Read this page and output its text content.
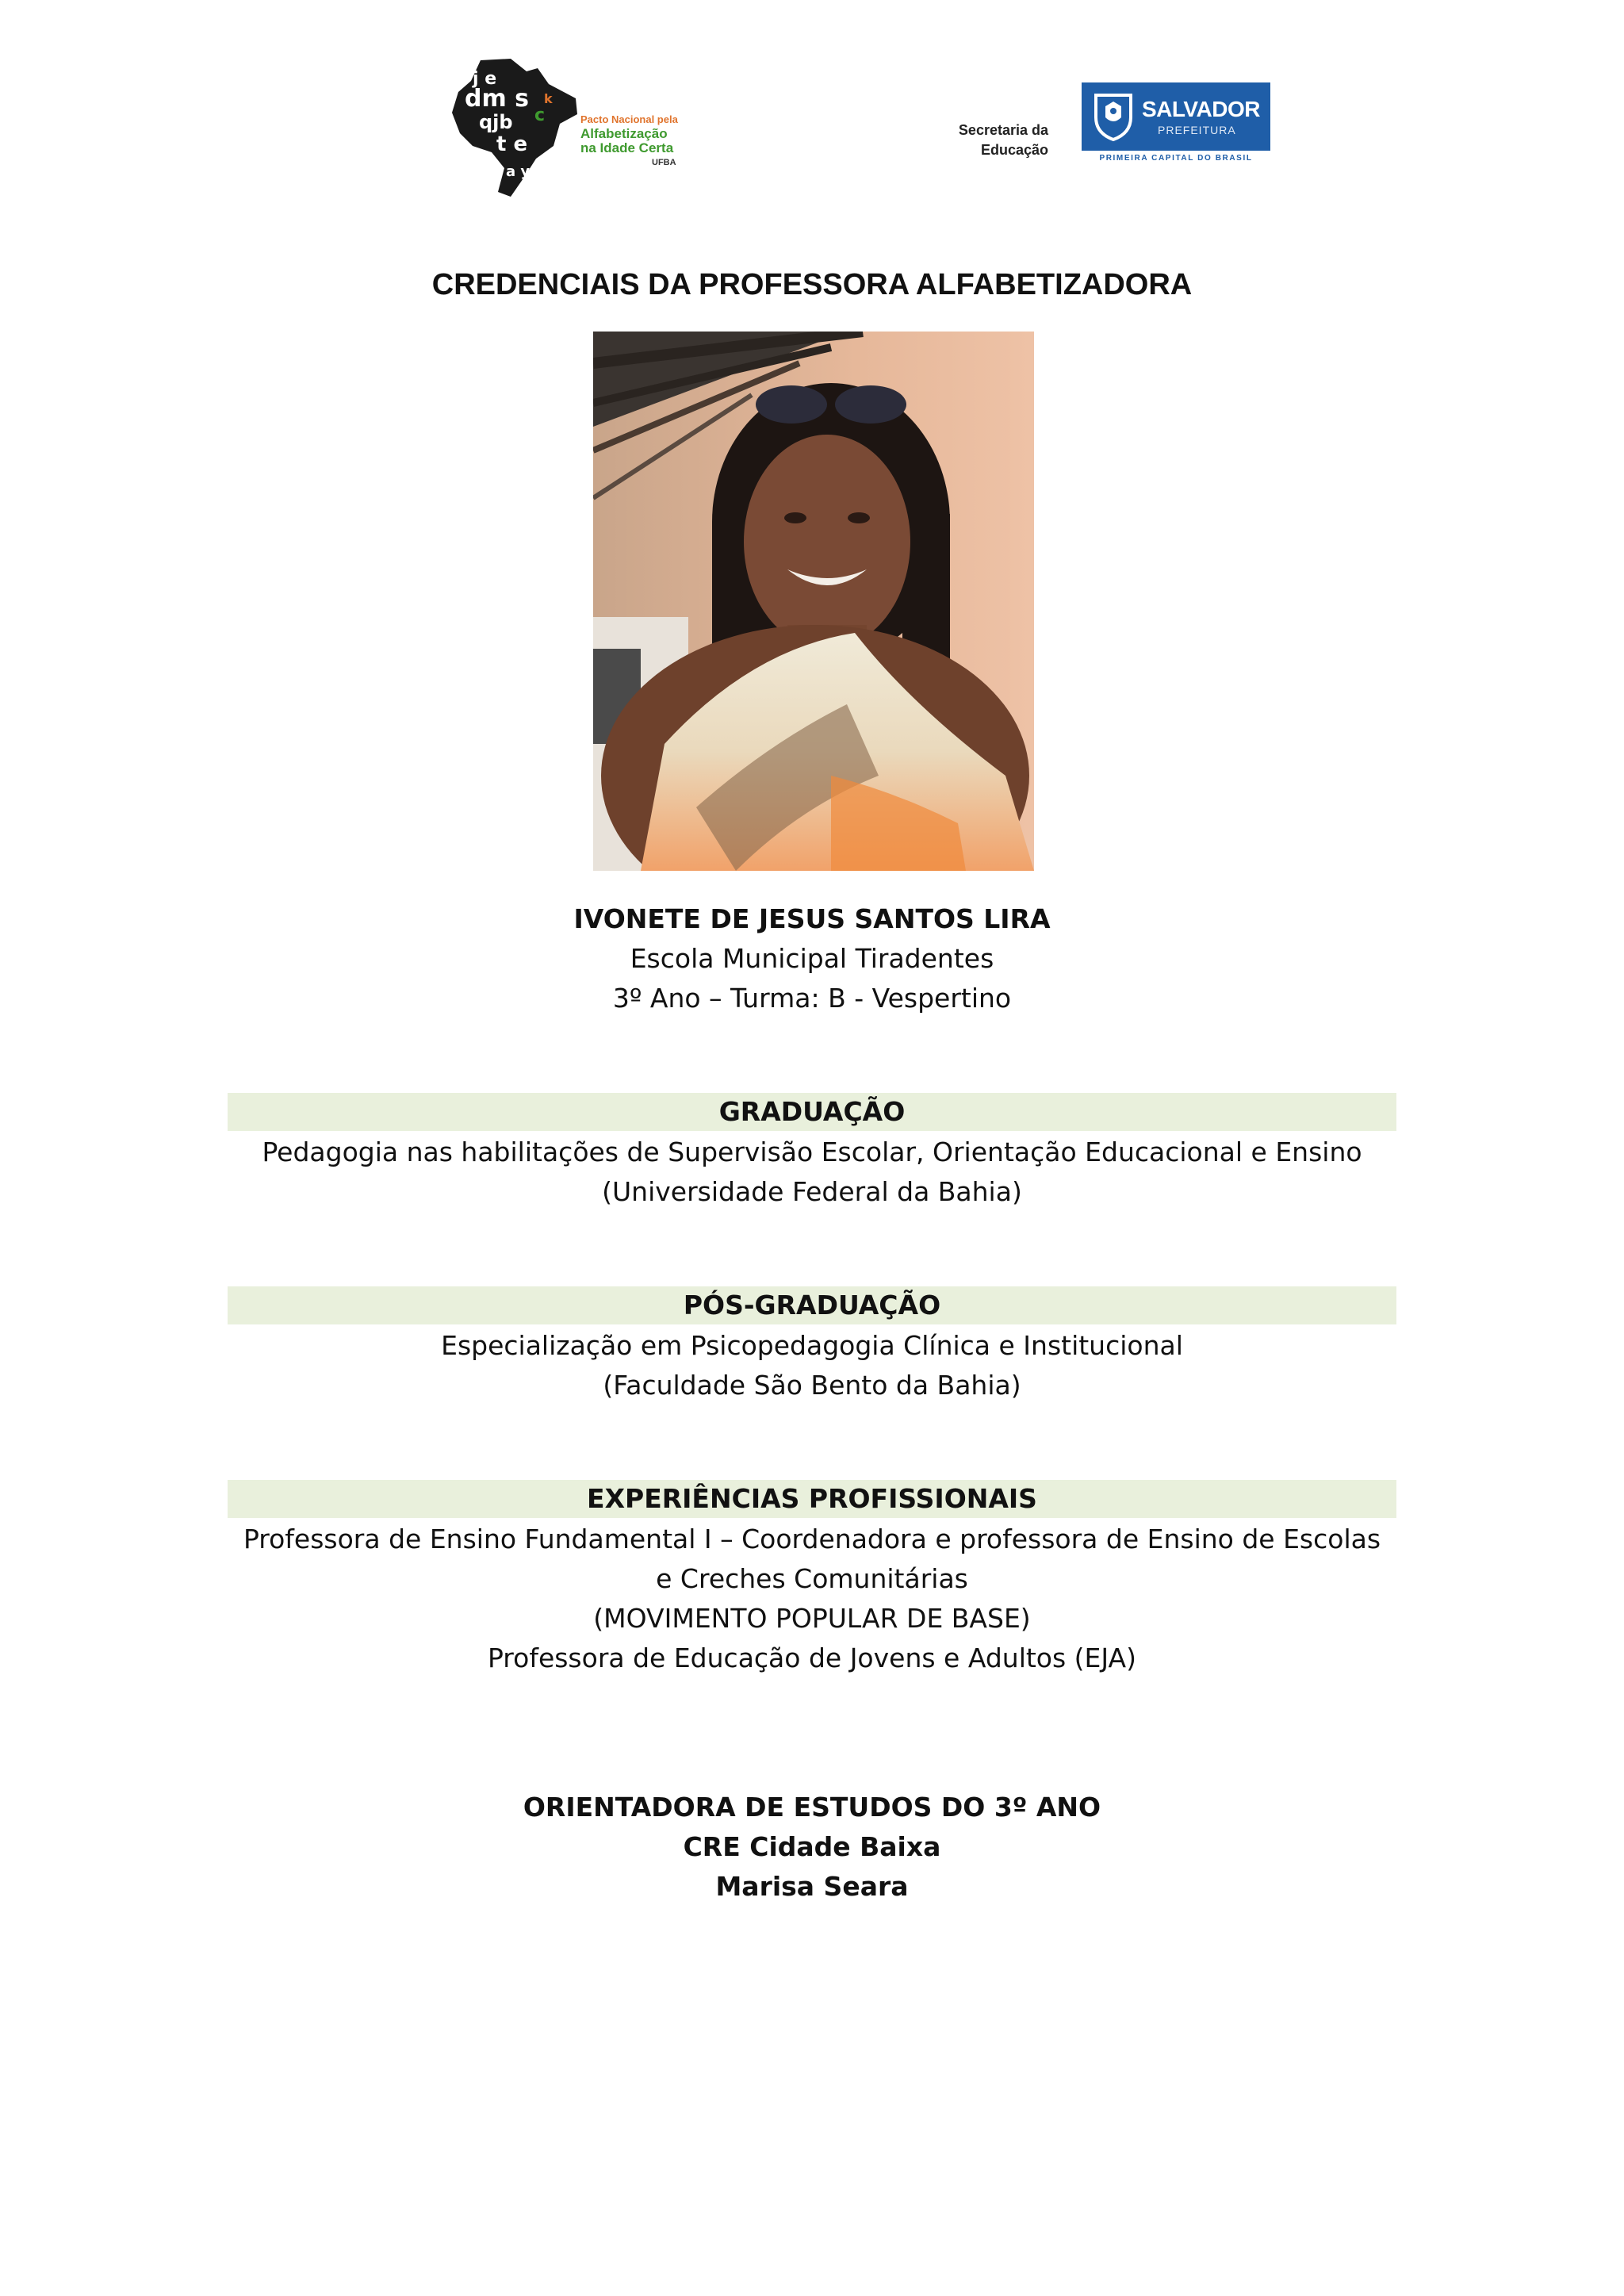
j e
dm s
qjb
t e
a y
c
k
Pacto Nacional pela
Alfabetização
na Idade Certa
UFBA
Secretaria da
Educação
SALVADOR
PREFEITURA
PRIMEIRA CAPITAL DO BRASIL
CREDENCIAIS DA PROFESSORA ALFABETIZADORA
IVONETE DE JESUS SANTOS LIRA
Escola Municipal Tiradentes
3º Ano – Turma: B - Vespertino
GRADUAÇÃO
Pedagogia nas habilitações de Supervisão Escolar, Orientação Educacional e Ensino
(Universidade Federal da Bahia)
PÓS-GRADUAÇÃO
Especialização em Psicopedagogia Clínica e Institucional
(Faculdade São Bento da Bahia)
EXPERIÊNCIAS PROFISSIONAIS
Professora de Ensino Fundamental I – Coordenadora e professora de Ensino de Escolas
e Creches Comunitárias
(MOVIMENTO POPULAR DE BASE)
Professora de Educação de Jovens e Adultos (EJA)
ORIENTADORA DE ESTUDOS DO 3º ANO
CRE Cidade Baixa
Marisa Seara
